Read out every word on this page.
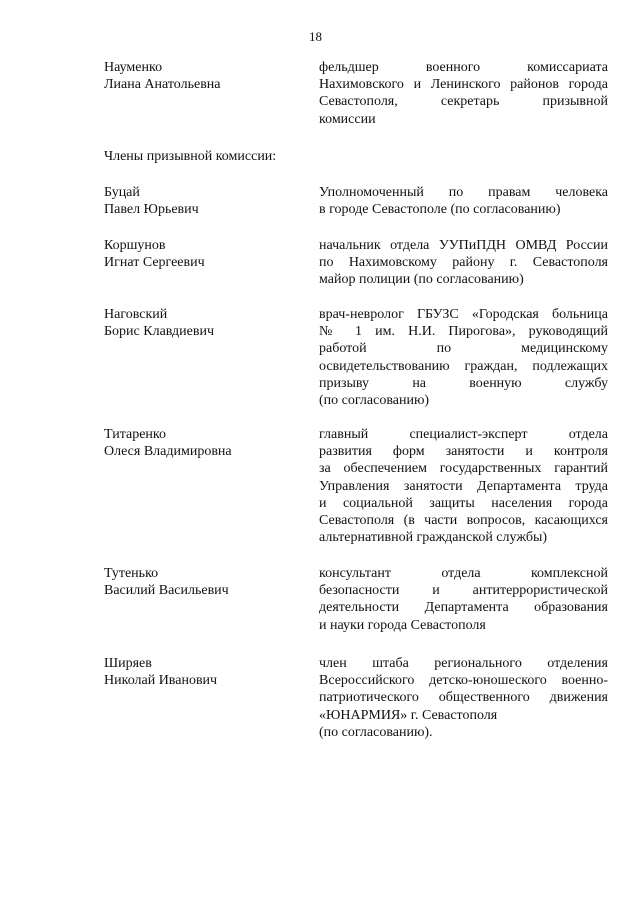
18
Науменко
Лиана Анатольевна
фельдшер военного комиссариата
Нахимовского и Ленинского районов города
Севастополя, секретарь призывной
комиссии
Члены призывной комиссии:
Буцай
Павел Юрьевич
Уполномоченный по правам человека
в городе Севастополе (по согласованию)
Коршунов
Игнат Сергеевич
начальник отдела УУПиПДН ОМВД России
по Нахимовскому району г. Севастополя
майор полиции (по согласованию)
Наговский
Борис Клавдиевич
врач-невролог ГБУЗС «Городская больница
№ 1 им. Н.И. Пирогова», руководящий
работой по медицинскому
освидетельствованию граждан, подлежащих
призыву на военную службу
(по согласованию)
Титаренко
Олеся Владимировна
главный специалист-эксперт отдела
развития форм занятости и контроля
за обеспечением государственных гарантий
Управления занятости Департамента труда
и социальной защиты населения города
Севастополя (в части вопросов, касающихся
альтернативной гражданской службы)
Тутенько
Василий Васильевич
консультант отдела комплексной
безопасности и антитеррористической
деятельности Департамента образования
и науки города Севастополя
Ширяев
Николай Иванович
член штаба регионального отделения
Всероссийского детско-юношеского военно-
патриотического общественного движения
«ЮНАРМИЯ» г. Севастополя
(по согласованию).
